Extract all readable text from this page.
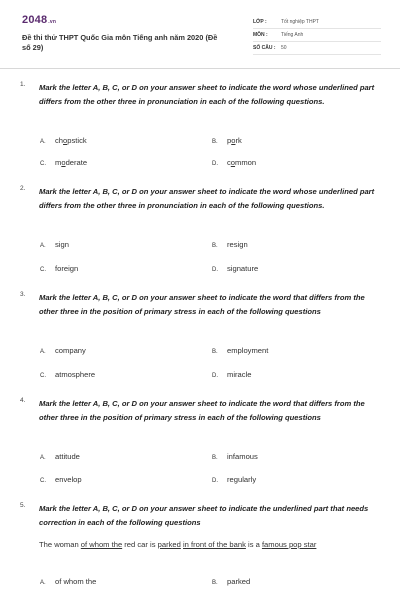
2048.vn
Đề thi thử THPT Quốc Gia môn Tiếng anh năm 2020 (Đề số 29)
LỚP :	Tốt nghiệp THPT
MÔN :	Tiếng Anh
SỐ CÂU : 50
1. Mark the letter A, B, C, or D on your answer sheet to indicate the word whose underlined part differs from the other three in pronunciation in each of the following questions.
A. chopstick	B. pork
C. moderate	D. common
2. Mark the letter A, B, C, or D on your answer sheet to indicate the word whose underlined part differs from the other three in pronunciation in each of the following questions.
A. sign	B. resign
C. foreign	D. signature
3. Mark the letter A, B, C, or D on your answer sheet to indicate the word that differs from the other three in the position of primary stress in each of the following questions
A. company	B. employment
C. atmosphere	D. miracle
4. Mark the letter A, B, C, or D on your answer sheet to indicate the word that differs from the other three in the position of primary stress in each of the following questions
A. attitude	B. infamous
C. envelop	D. regularly
5. Mark the letter A, B, C, or D on your answer sheet to indicate the underlined part that needs correction in each of the following questions
The woman of whom the red car is parked in front of the bank is a famous pop star
A. of whom the	B. parked
